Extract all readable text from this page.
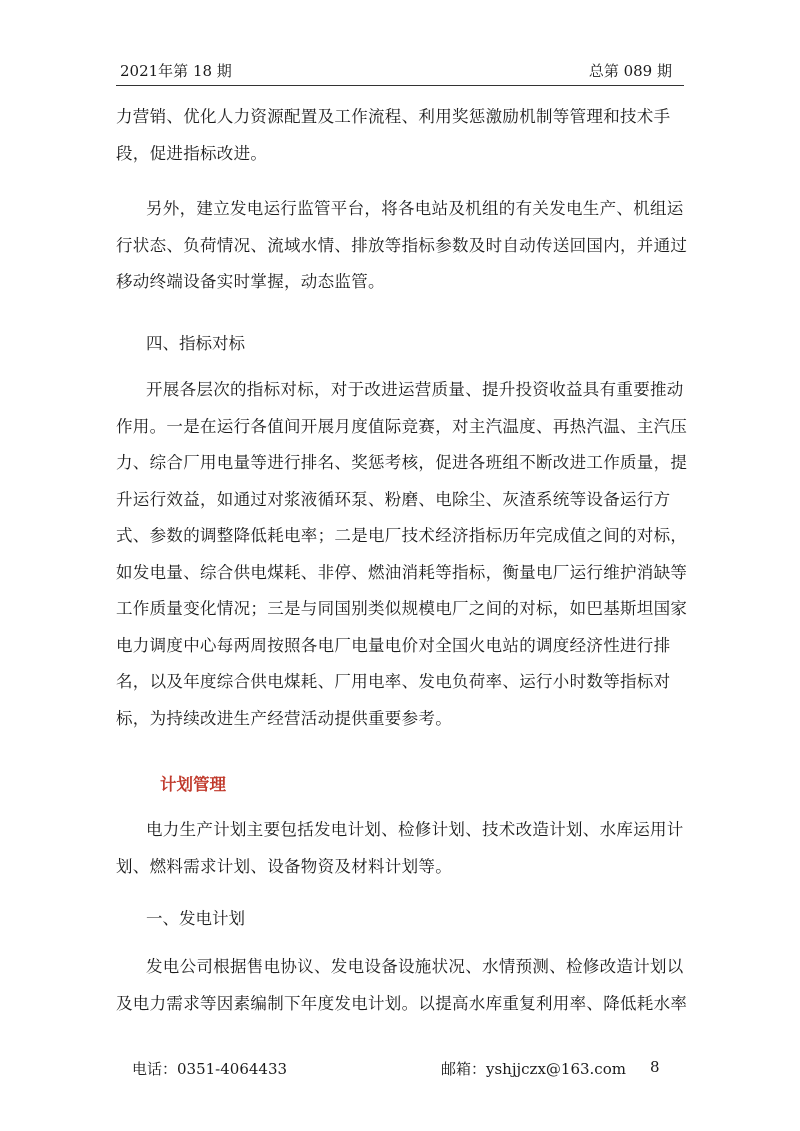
2021年第 18 期	总第 089 期

力营销、优化人力资源配置及工作流程、利用奖惩激励机制等管理和技术手段，促进指标改进。

另外，建立发电运行监管平台，将各电站及机组的有关发电生产、机组运行状态、负荷情况、流域水情、排放等指标参数及时自动传送回国内，并通过移动终端设备实时掌握，动态监管。

四、指标对标

开展各层次的指标对标，对于改进运营质量、提升投资收益具有重要推动作用。一是在运行各值间开展月度值际竞赛，对主汽温度、再热汽温、主汽压力、综合厂用电量等进行排名、奖惩考核，促进各班组不断改进工作质量，提升运行效益，如通过对浆液循环泵、粉磨、电除尘、灰渣系统等设备运行方式、参数的调整降低耗电率；二是电厂技术经济指标历年完成值之间的对标，如发电量、综合供电煤耗、非停、燃油消耗等指标，衡量电厂运行维护消缺等工作质量变化情况；三是与同国别类似规模电厂之间的对标，如巴基斯坦国家电力调度中心每两周按照各电厂电量电价对全国火电站的调度经济性进行排名，以及年度综合供电煤耗、厂用电率、发电负荷率、运行小时数等指标对标，为持续改进生产经营活动提供重要参考。

计划管理

电力生产计划主要包括发电计划、检修计划、技术改造计划、水库运用计划、燃料需求计划、设备物资及材料计划等。

一、发电计划

发电公司根据售电协议、发电设备设施状况、水情预测、检修改造计划以及电力需求等因素编制下年度发电计划。以提高水库重复利用率、降低耗水率

电话：0351-4064433	邮箱：yshjjczx@163.com 8
